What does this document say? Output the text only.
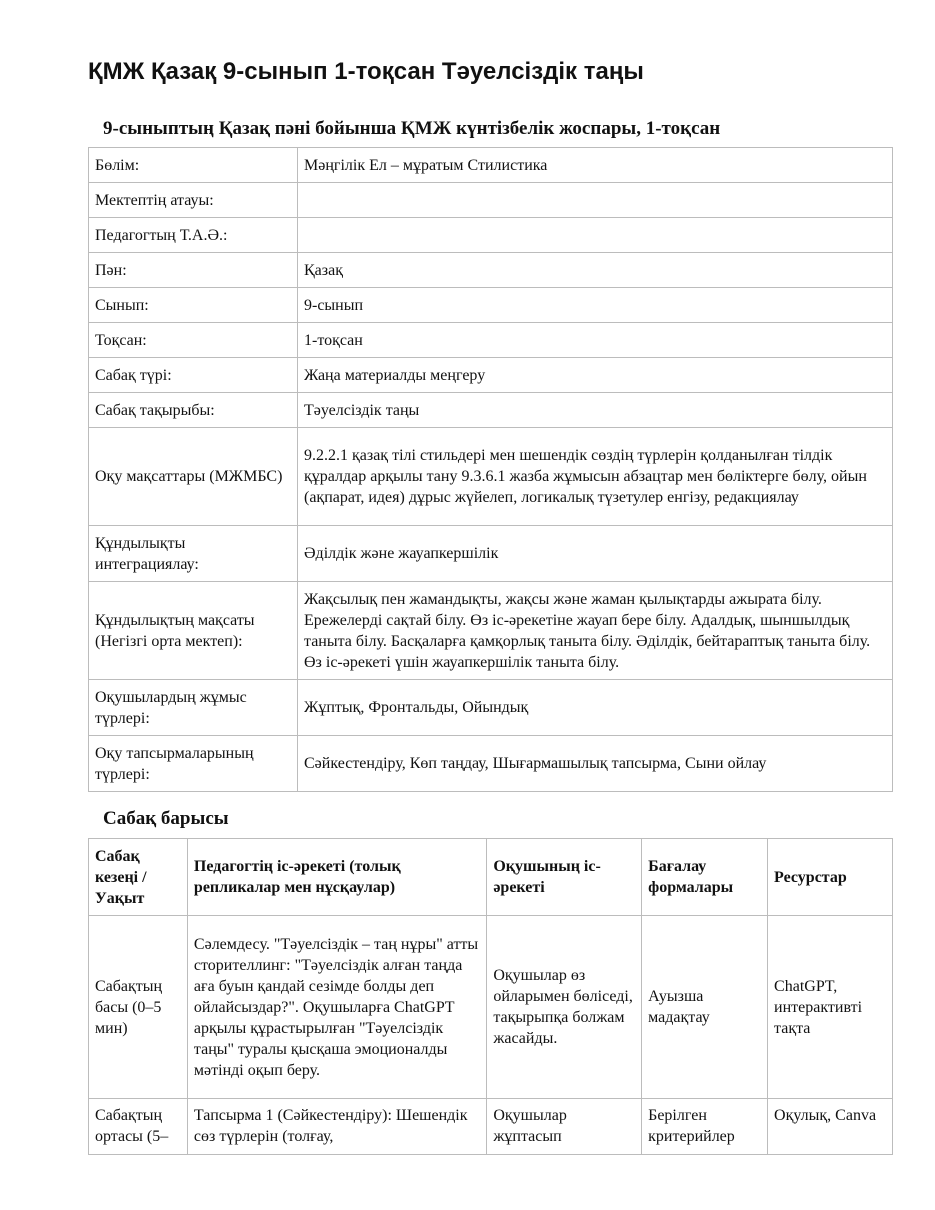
ҚМЖ Қазақ 9-сынып 1-тоқсан Тәуелсіздік таңы

9-сыныптың Қазақ пәні бойынша ҚМЖ күнтізбелік жоспары, 1-тоқсан

Бөлім:	Мәңгілік Ел – мұратым Стилистика
Мектептің атауы:	
Педагогтың Т.А.Ә.:	
Пән:	Қазақ
Сынып:	9-сынып
Тоқсан:	1-тоқсан
Сабақ түрі:	Жаңа материалды меңгеру
Сабақ тақырыбы:	Тәуелсіздік таңы
Оқу мақсаттары (МЖМБС)	9.2.2.1 қазақ тілі стильдері мен шешендік сөздің түрлерін қолданылған тілдік құралдар арқылы тану 9.3.6.1 жазба жұмысын абзацтар мен бөліктерге бөлу, ойын (ақпарат, идея) дұрыс жүйелеп, логикалық түзетулер енгізу, редакциялау
Құндылықты интеграциялау:	Әділдік және жауапкершілік
Құндылықтың мақсаты (Негізгі орта мектеп):	Жақсылық пен жамандықты, жақсы және жаман қылықтарды ажырата білу. Ережелерді сақтай білу. Өз іс-әрекетіне жауап бере білу. Адалдық, шыншылдық таныта білу. Басқаларға қамқорлық таныта білу. Әділдік, бейтараптық таныта білу. Өз іс-әрекеті үшін жауапкершілік таныта білу.
Оқушылардың жұмыс түрлері:	Жұптық, Фронтальды, Ойындық
Оқу тапсырмаларының түрлері:	Сәйкестендіру, Көп таңдау, Шығармашылық тапсырма, Сыни ойлау

Сабақ барысы

Сабақ кезеңі / Уақыт	Педагогтің іс-әрекеті (толық репликалар мен нұсқаулар)	Оқушының іс-әрекеті	Бағалау формалары	Ресурстар
Сабақтың басы (0–5 мин)	Сәлемдесу. "Тәуелсіздік – таң нұры" атты сторителлинг: "Тәуелсіздік алған таңда аға буын қандай сезімде болды деп ойлайсыздар?". Оқушыларға ChatGPT арқылы құрастырылған "Тәуелсіздік таңы" туралы қысқаша эмоционалды мәтінді оқып беру.	Оқушылар өз ойларымен бөліседі, тақырыпқа болжам жасайды.	Ауызша мадақтау	ChatGPT, интерактивті тақта
Сабақтың ортасы (5–	Тапсырма 1 (Сәйкестендіру): Шешендік сөз түрлерін (толғау,	Оқушылар жұптасып	Берілген критерийлер	Оқулық, Canva
